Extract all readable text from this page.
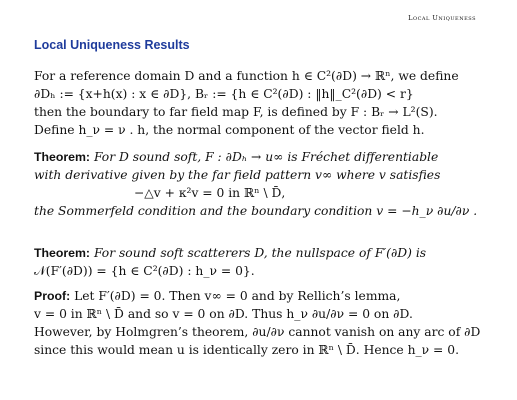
Local Uniqueness
Local Uniqueness Results
For a reference domain D and a function h ∈ C²(∂D) → ℝⁿ, we define
∂Dₕ := {x+h(x) : x ∈ ∂D}, Bᵣ := {h ∈ C²(∂D) : ‖h‖_C²(∂D) < r}
then the boundary to far field map F, is defined by F : Bᵣ → L²(S).
Define h_ν = ν . h, the normal component of the vector field h.
Theorem: For D sound soft, F : ∂Dₕ → u∞ is Fréchet differentiable
with derivative given by the far field pattern v∞ where v satisfies
−△v + κ²v = 0 in ℝⁿ \ D̄,
the Sommerfeld condition and the boundary condition v = −h_ν ∂u/∂ν .
Theorem: For sound soft scatterers D, the nullspace of F′(∂D) is
𝒩(F′(∂D)) = {h ∈ C²(∂D) : h_ν = 0}.
Proof: Let F′(∂D) = 0. Then v∞ = 0 and by Rellich’s lemma,
v = 0 in ℝⁿ \ D̄ and so v = 0 on ∂D. Thus h_ν ∂u/∂ν = 0 on ∂D.
However, by Holmgren’s theorem, ∂u/∂ν cannot vanish on any arc of ∂D
since this would mean u is identically zero in ℝⁿ \ D̄. Hence h_ν = 0.
